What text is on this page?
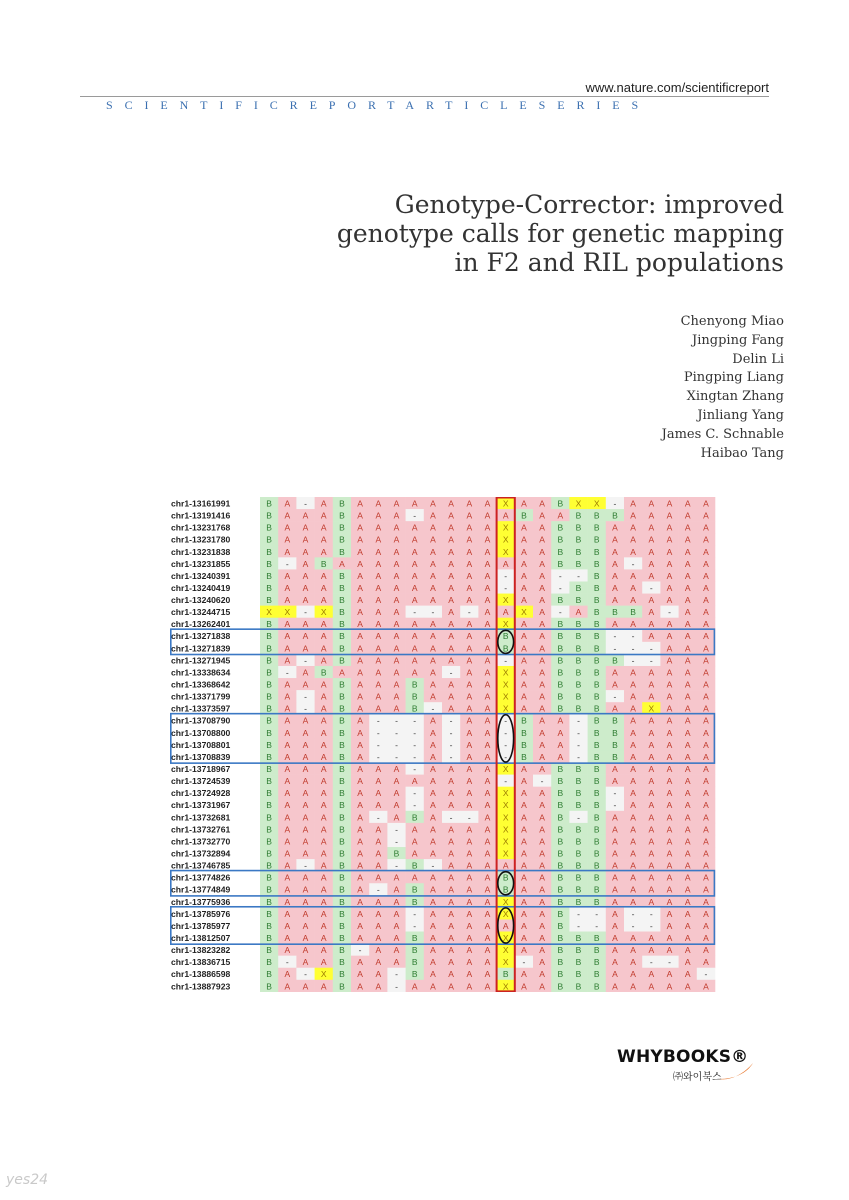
www.nature.com/scientificreport
SCIENTIFICREPORTARTICLESERIES
Genotype-Corrector: improved
genotype calls for genetic mapping
in F2 and RIL populations
Chenyong Miao
Jingping Fang
Delin Li
Pingping Liang
Xingtan Zhang
Jinliang Yang
James C. Schnable
Haibao Tang
chr1-13161991	B A - A B A A A A A A A A X A A B X X - A A A A A
chr1-13191416	B A A A B A A A - A A A A A B A A B B B A A A A A
chr1-13231768	B A A A B A A A A A A A A X A A B B B A A A A A A
chr1-13231780	B A A A B A A A A A A A A X A A B B B A A A A A A
chr1-13231838	B A A A B A A A A A A A A X A A B B B A A A A A A
chr1-13231855	B - A B A A A A A A A A A A A A B B B A - A A A A
chr1-13240391	B A A A B A A A A A A A A - A A - - B A A A A A A
chr1-13240419	B A A A B A A A A A A A A - A A - B B A A - A A A
chr1-13240620	B A A A B A A A A A A A A X A A B B B A A A A A A
chr1-13244715	X X - X B A A A - - A - A A X A - A B B B A - A A
chr1-13262401	B A A A B A A A A A A A A X A A B B B A A A A A A
chr1-13271838	B A A A B A A A A A A A A B A A B B B - - A A A A
chr1-13271839	B A A A B A A A A A A A A B A A B B B - - - A A A
chr1-13271945	B A - A B A A A A A A A A - A A B B B B - - A A A
chr1-13338634	B - A B A A A A A A - A A X A A B B B A A A A A A
chr1-13368642	B A A A B A A A B A A A A X A A B B B A A A A A A
chr1-13371799	B A - A B A A A B A A A A X A A B B B - A A A A A
chr1-13373597	B A - A B A A A B - A A A X A A B B B A A X A A A
chr1-13708790	B A A A B A - - - A - A A - B A A - B B A A A A A
chr1-13708800	B A A A B A - - - A - A A - B A A - B B A A A A A
chr1-13708801	B A A A B A - - - A - A A - B A A - B B A A A A A
chr1-13708839	B A A A B A - - - A - A A - B A A - B B A A A A A
chr1-13718967	B A A A B A A A - A A A A X A A B B B A A A A A A
chr1-13724539	B A A A B A A A A A A A A - A - B B B A A A A A A
chr1-13724928	B A A A B A A A - A A A A X A A B B B - A A A A A
chr1-13731967	B A A A B A A A - A A A A X A A B B B - A A A A A
chr1-13732681	B A A A B A - A B A - - A X A A B - B A A A A A A
chr1-13732761	B A A A B A A - A A A A A X A A B B B A A A A A A
chr1-13732770	B A A A B A A - A A A A A X A A B B B A A A A A A
chr1-13732894	B A A A B A A B A A A A A X A A B B B A A A A A A
chr1-13746785	B A - A B A A - B - A A A A A A B B B A A A A A A
chr1-13774826	B A A A B A A A A A A A A B A A B B B A A A A A A
chr1-13774849	B A A A B A - A B A A A A B A A B B B A A A A A A
chr1-13775936	B A A A B A A A B A A A A X A A B B B A A A A A A
chr1-13785976	B A A A B A A A - A A A A X A A B - - A - - A A A
chr1-13785977	B A A A B A A A - A A A A A A A B - - A - - A A A
chr1-13812507	B A A A B A A A B A A A A X A A B B B A A A A A A
chr1-13823282	B A A A B - A A B A A A A X A A B B B A A A A A A
chr1-13836715	B - A A B A A A B A A A A X - A B B B A A - - A A
chr1-13886598	B A - X B A A - B A A A A B A A B B B A A A A A -
chr1-13887923	B A A A B A A - A A A A A X A A B B B A A A A A A
WHYBOOKS®
㈜와이북스
yes24
